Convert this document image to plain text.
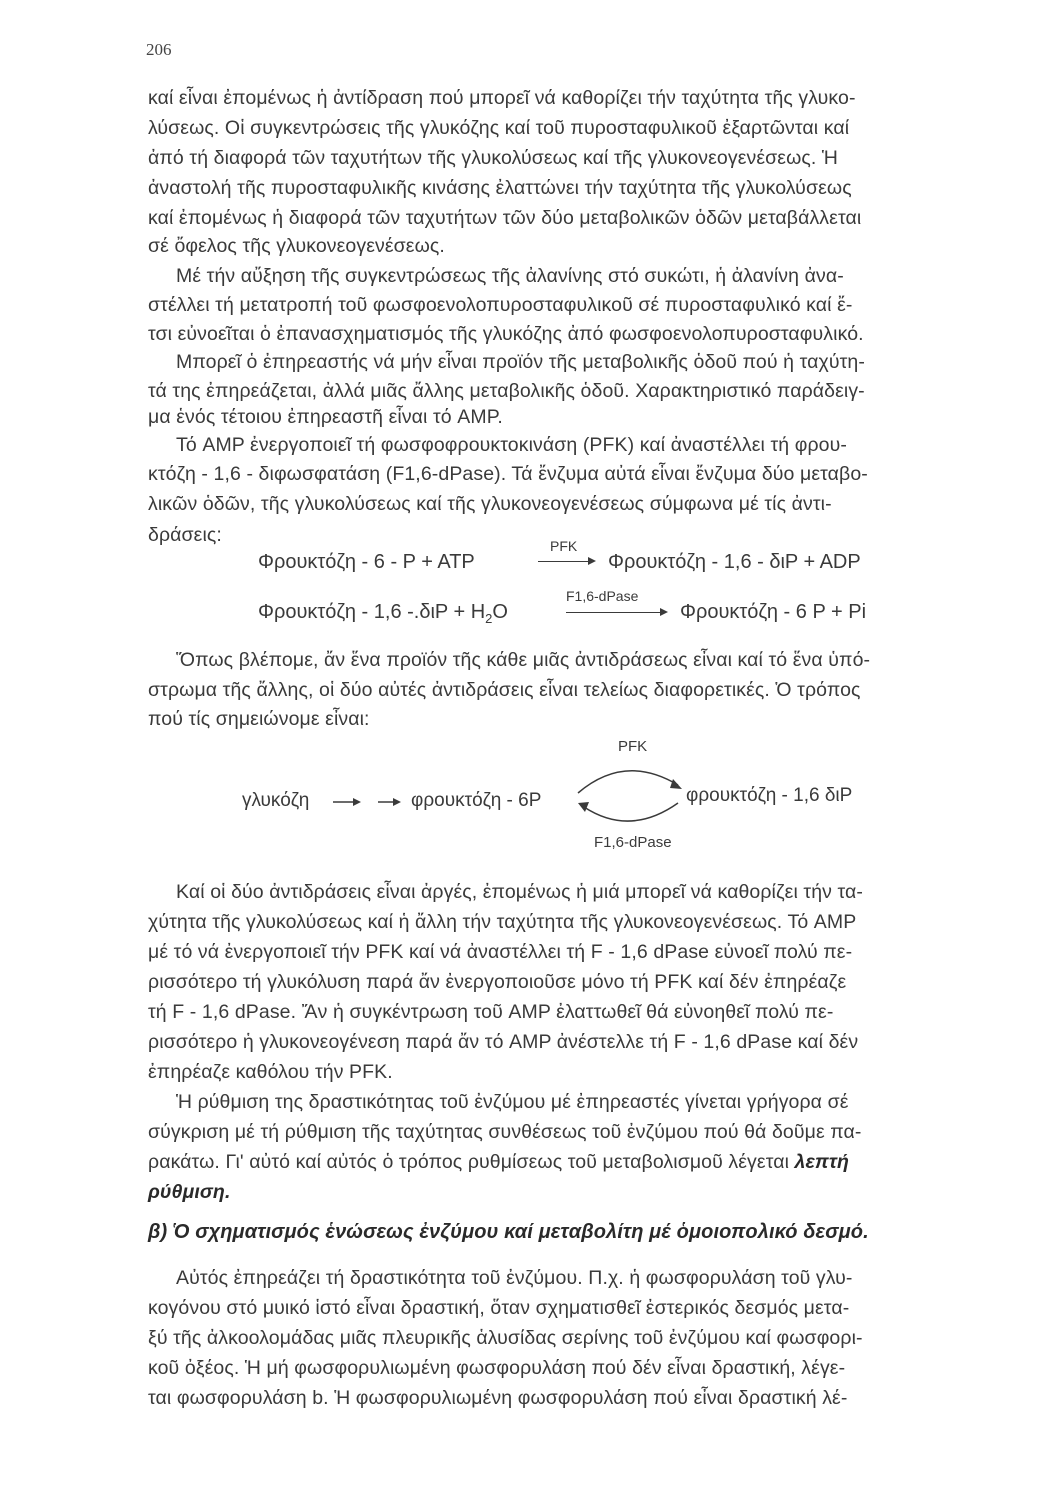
206
καί εἶναι ἐπομένως ἡ ἀντίδραση πού μπορεῖ νά καθορίζει τήν ταχύτητα τῆς γλυκο-
λύσεως. Οἱ συγκεντρώσεις τῆς γλυκόζης καί τοῦ πυροσταφυλικοῦ ἐξαρτῶνται καί
ἀπό τή διαφορά τῶν ταχυτήτων τῆς γλυκολύσεως καί τῆς γλυκονεογενέσεως. Ἡ
ἀναστολή τῆς πυροσταφυλικῆς κινάσης ἐλαττώνει τήν ταχύτητα τῆς γλυκολύσεως
καί ἐπομένως ἡ διαφορά τῶν ταχυτήτων τῶν δύο μεταβολικῶν ὁδῶν μεταβάλλεται
σέ ὄφελος τῆς γλυκονεογενέσεως.
Μέ τήν αὔξηση τῆς συγκεντρώσεως τῆς ἀλανίνης στό συκώτι, ἡ ἀλανίνη ἀνα-
στέλλει τή μετατροπή τοῦ φωσφοενολοπυροσταφυλικοῦ σέ πυροσταφυλικό καί ἔ-
τσι εὐνοεῖται ὁ ἐπανασχηματισμός τῆς γλυκόζης ἀπό φωσφοενολοπυροσταφυλικό.
Μπορεῖ ὁ ἐπηρεαστής νά μήν εἶναι προϊόν τῆς μεταβολικῆς ὁδοῦ πού ἡ ταχύτη-
τά της ἐπηρεάζεται, ἀλλά μιᾶς ἄλλης μεταβολικῆς ὁδοῦ. Χαρακτηριστικό παράδειγ-
μα ἑνός τέτοιου ἐπηρεαστῆ εἶναι τό AMP.
Τό AMP ἐνεργοποιεῖ τή φωσφοφρουκτοκινάση (PFK) καί ἀναστέλλει τή φρου-
κτόζη - 1,6 - διφωσφατάση (F1,6-dPase). Τά ἔνζυμα αὐτά εἶναι ἔνζυμα δύο μεταβο-
λικῶν ὁδῶν, τῆς γλυκολύσεως καί τῆς γλυκονεογενέσεως σύμφωνα μέ τίς ἀντι-
δράσεις:
Φρουκτόζη - 6 - P + ATP
PFK
Φρουκτόζη - 1,6 - διP + ADP
Φρουκτόζη - 1,6 $-.\delta\iota P + H_2O$
F1,6-dPase
Φρουκτόζη - 6 P + Pi
Ὅπως βλέπομε, ἄν ἕνα προϊόν τῆς κάθε μιᾶς ἀντιδράσεως εἶναι καί τό ἕνα ὑπό-
στρωμα τῆς ἄλλης, οἱ δύο αὐτές ἀντιδράσεις εἶναι τελείως διαφορετικές. Ὁ τρόπος
πού τίς σημειώνομε εἶναι:
PFK
γλυκόζη	φρουκτόζη - 6P	φρουκτόζη - 1,6 διP
F1,6-dPase
Καί οἱ δύο ἀντιδράσεις εἶναι ἀργές, ἐπομένως ἡ μιά μπορεῖ νά καθορίζει τήν τα-
χύτητα τῆς γλυκολύσεως καί ἡ ἄλλη τήν ταχύτητα τῆς γλυκονεογενέσεως. Τό AMP
μέ τό νά ἐνεργοποιεῖ τήν PFK καί νά ἀναστέλλει τή F - 1,6 dPase εὐνοεῖ πολύ πε-
ρισσότερο τή γλυκόλυση παρά ἄν ἐνεργοποιοῦσε μόνο τή PFK καί δέν ἐπηρέαζε
τή F - 1,6 dPase. Ἄν ἡ συγκέντρωση τοῦ AMP ἐλαττωθεῖ θά εὐνοηθεῖ πολύ πε-
ρισσότερο ἡ γλυκονεογένεση παρά ἄν τό AMP ἀνέστελλε τή F - 1,6 dPase καί δέν
ἐπηρέαζε καθόλου τήν PFK.
Ἡ ρύθμιση της δραστικότητας τοῦ ἐνζύμου μέ ἐπηρεαστές γίνεται γρήγορα σέ
σύγκριση μέ τή ρύθμιση τῆς ταχύτητας συνθέσεως τοῦ ἐνζύμου πού θά δοῦμε πα-
ρακάτω. Γι' αὐτό καί αὐτός ὁ τρόπος ρυθμίσεως τοῦ μεταβολισμοῦ λέγεται λεπτή
ρύθμιση.
β) Ὁ σχηματισμός ἑνώσεως ἐνζύμου καί μεταβολίτη μέ ὁμοιοπολικό δεσμό.
Αὐτός ἐπηρεάζει τή δραστικότητα τοῦ ἐνζύμου. Π.χ. ἡ φωσφορυλάση τοῦ γλυ-
κογόνου στό μυικό ἱστό εἶναι δραστική, ὅταν σχηματισθεῖ ἐστερικός δεσμός μετα-
ξύ τῆς ἀλκοολομάδας μιᾶς πλευρικῆς ἁλυσίδας σερίνης τοῦ ἐνζύμου καί φωσφορι-
κοῦ ὀξέος. Ἡ μή φωσφορυλιωμένη φωσφορυλάση πού δέν εἶναι δραστική, λέγε-
ται φωσφορυλάση b. Ἡ φωσφορυλιωμένη φωσφορυλάση πού εἶναι δραστική λέ-
